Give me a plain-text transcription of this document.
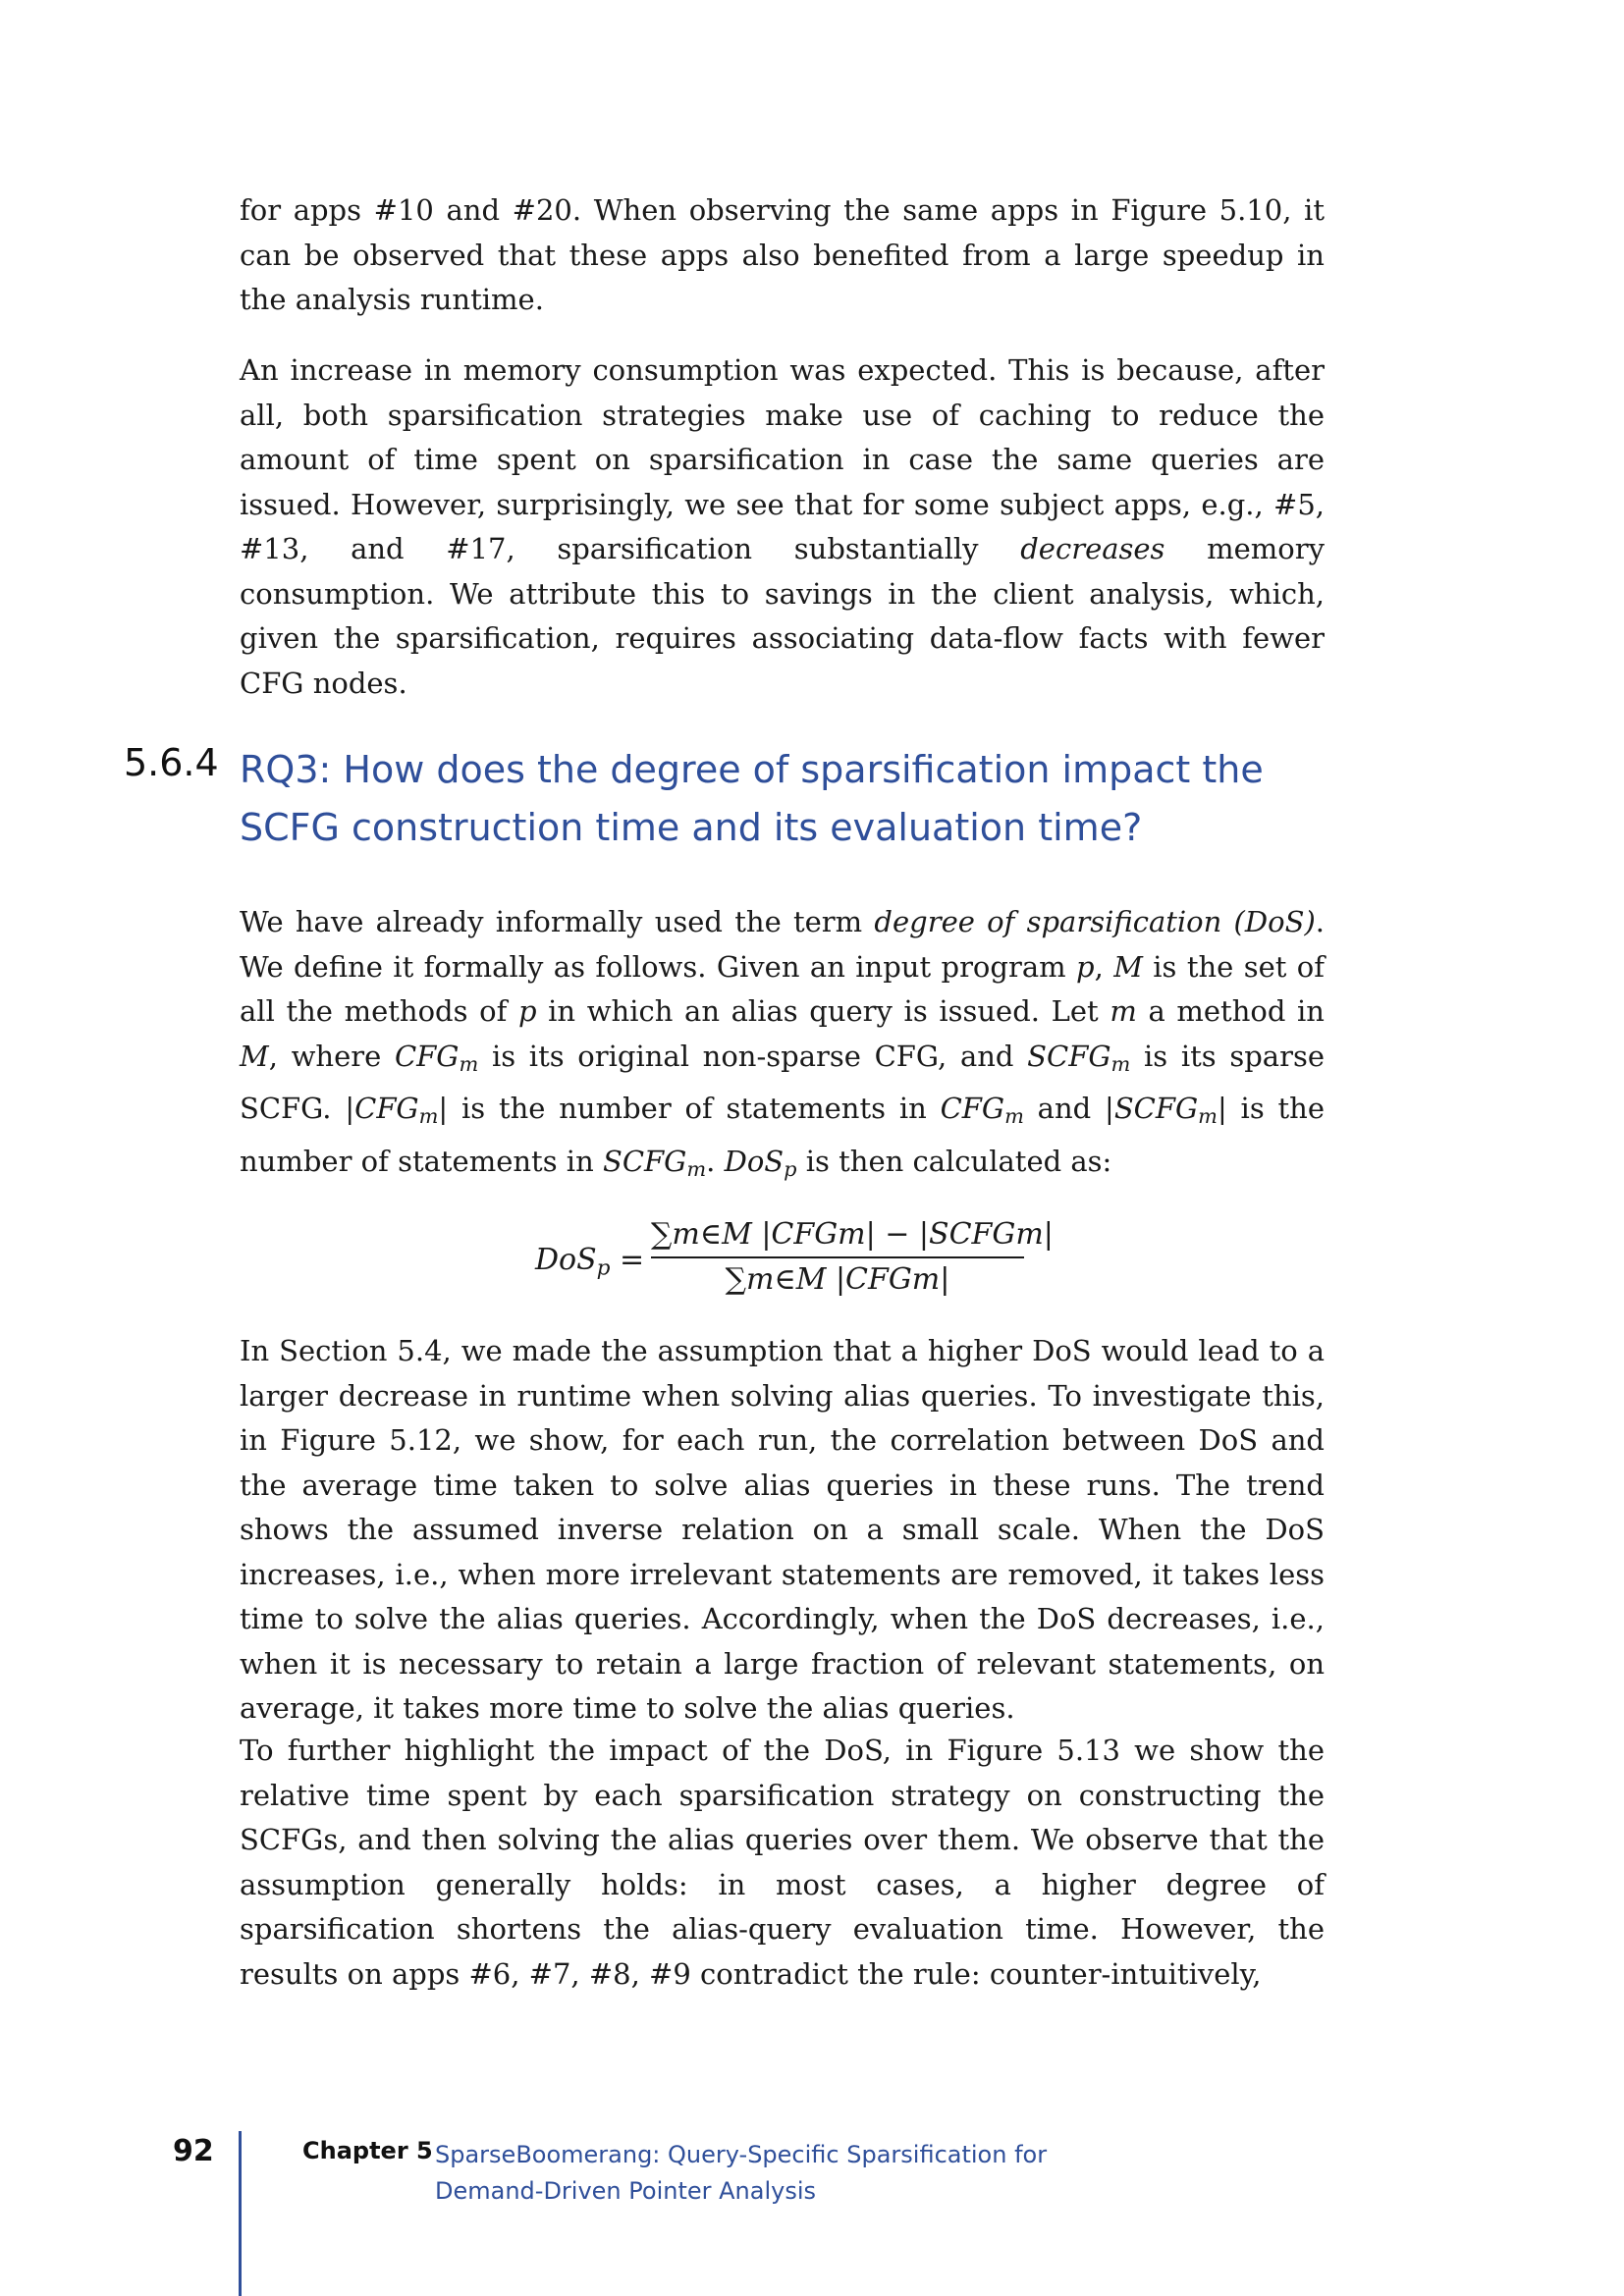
for apps #10 and #20. When observing the same apps in Figure 5.10, it can be observed that these apps also benefited from a large speedup in the analysis runtime.

An increase in memory consumption was expected. This is because, after all, both sparsification strategies make use of caching to reduce the amount of time spent on sparsification in case the same queries are issued. However, surprisingly, we see that for some subject apps, e.g., #5, #13, and #17, sparsification substantially decreases memory consumption. We attribute this to savings in the client analysis, which, given the sparsification, requires associating data-flow facts with fewer CFG nodes.

5.6.4 RQ3: How does the degree of sparsification impact the SCFG construction time and its evaluation time?

We have already informally used the term degree of sparsification (DoS). We define it formally as follows. Given an input program p, M is the set of all the methods of p in which an alias query is issued. Let m a method in M, where $CFG_m$ is its original non-sparse CFG, and $SCFG_m$ is its sparse SCFG. $|CFG_m|$ is the number of statements in $CFG_m$ and $|SCFG_m|$ is the number of statements in $SCFG_m$. DoS$_p$ is then calculated as:

DoS$_p$ =
∑m∈M |CFGm| − |SCFGm|
∑m∈M |CFGm|

In Section 5.4, we made the assumption that a higher DoS would lead to a larger decrease in runtime when solving alias queries. To investigate this, in Figure 5.12, we show, for each run, the correlation between DoS and the average time taken to solve alias queries in these runs. The trend shows the assumed inverse relation on a small scale. When the DoS increases, i.e., when more irrelevant statements are removed, it takes less time to solve the alias queries. Accordingly, when the DoS decreases, i.e., when it is necessary to retain a large fraction of relevant statements, on average, it takes more time to solve the alias queries.

To further highlight the impact of the DoS, in Figure 5.13 we show the relative time spent by each sparsification strategy on constructing the SCFGs, and then solving the alias queries over them. We observe that the assumption generally holds: in most cases, a higher degree of sparsification shortens the alias-query evaluation time. However, the results on apps #6, #7, #8, #9 contradict the rule: counter-intuitively,

92	Chapter 5 SparseBoomerang: Query-Specific Sparsification for Demand-Driven Pointer Analysis
